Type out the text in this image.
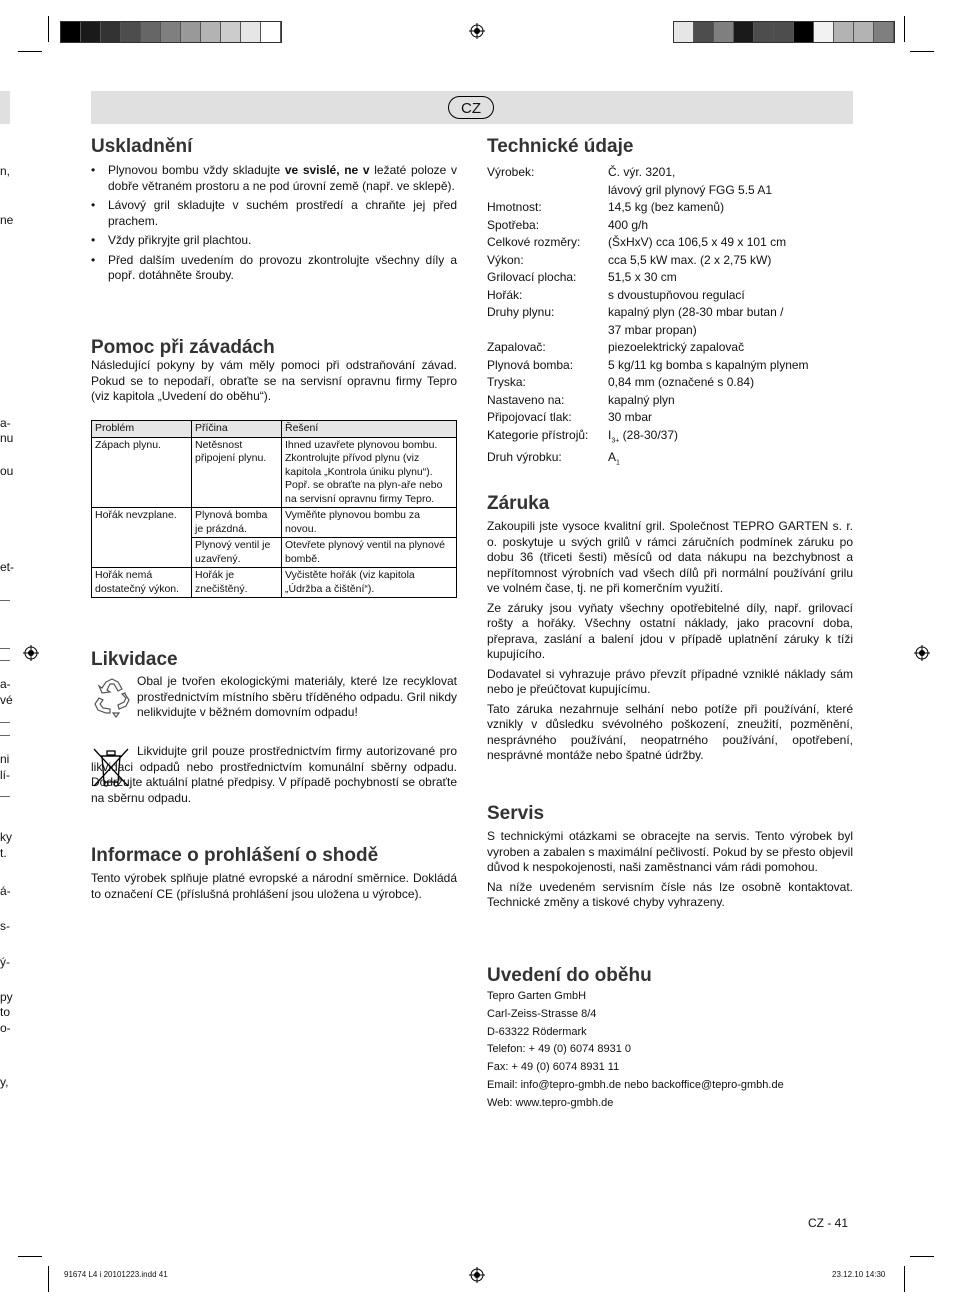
n,
ne
a-
nu
ou
et-
a-
vé
ni
lí-
ky
t.
á-
s-
ý-
py
to
o-
y,
CZ
Uskladnění
• Plynovou bombu vždy skladujte ve svislé, ne v ležaté poloze v dobře větraném prostoru a ne pod úrovní země (např. ve sklepě).
• Lávový gril skladujte v suchém prostředí a chraňte jej před prachem.
• Vždy přikryjte gril plachtou.
• Před dalším uvedením do provozu zkontrolujte všechny díly a popř. dotáhněte šrouby.
Pomoc při závadách
Následující pokyny by vám měly pomoci při odstraňování závad. Pokud se to nepodaří, obraťte se na servisní opravnu firmy Tepro (viz kapitola „Uvedení do oběhu“).
Problém	Příčina	Řešení
Zápach plynu.	Netěsnost připojení plynu.	Ihned uzavřete plynovou bombu. Zkontrolujte přívod plynu (viz kapitola „Kontrola úniku plynu“). Popř. se obraťte na plyn-aře nebo na servisní opravnu firmy Tepro.
Hořák nevzplane.	Plynová bomba je prázdná.	Vyměňte plynovou bombu za novou.
	Plynový ventil je uzavřený.	Otevřete plynový ventil na plynové bombě.
Hořák nemá dostatečný výkon.	Hořák je znečištěný.	Vyčistěte hořák (viz kapitola „Údržba a čištění“).
Likvidace
Obal je tvořen ekologickými materiály, které lze recyklovat prostřednictvím místního sběru tříděného odpadu. Gril nikdy nelikvidujte v běžném domovním odpadu!
Likvidujte gril pouze prostřednictvím firmy autorizované pro likvidaci odpadů nebo prostřednictvím komunální sběrny odpadu. Dodržujte aktuální platné předpisy. V případě pochybností se obraťte na sběrnu odpadu.
Informace o prohlášení o shodě
Tento výrobek splňuje platné evropské a národní směrnice. Dokládá to označení CE (příslušná prohlášení jsou uložena u výrobce).
Technické údaje
Výrobek:	Č. výr. 3201,
lávový gril plynový FGG 5.5 A1
Hmotnost:	14,5 kg (bez kamenů)
Spotřeba:	400 g/h
Celkové rozměry:	(ŠxHxV) cca 106,5 x 49 x 101 cm
Výkon:	cca 5,5 kW max. (2 x 2,75 kW)
Grilovací plocha:	51,5 x 30 cm
Hořák:	s dvoustupňovou regulací
Druhy plynu:	kapalný plyn (28-30 mbar butan /
37 mbar propan)
Zapalovač:	piezoelektrický zapalovač
Plynová bomba:	5 kg/11 kg bomba s kapalným plynem
Tryska:	0,84 mm (označené s 0.84)
Nastaveno na:	kapalný plyn
Připojovací tlak:	30 mbar
Kategorie přístrojů:	$I_{3+}$ (28-30/37)
Druh výrobku:	$A_1$
Záruka

Zakoupili jste vysoce kvalitní gril. Společnost TEPRO GARTEN s. r. o. poskytuje u svých grilů v rámci záručních podmínek záruku po dobu 36 (třiceti šesti) měsíců od data nákupu na bezchybnost a nepřítomnost výrobních vad všech dílů při normální používání grilu ve volném čase, tj. ne při komerčním využití.

Ze záruky jsou vyňaty všechny opotřebitelné díly, např. grilovací rošty a hořáky. Všechny ostatní náklady, jako pracovní doba, přeprava, zaslání a balení jdou v případě uplatnění záruky k tíži kupujícího.

Dodavatel si vyhrazuje právo převzít případné vzniklé náklady sám nebo je přeúčtovat kupujícímu.

Tato záruka nezahrnuje selhání nebo potíže při používání, které vznikly v důsledku svévolného poškození, zneužití, pozměnění, nesprávného používání, neopatrného používání, opotřebení, nesprávné montáže nebo špatné údržby.

Servis

S technickými otázkami se obracejte na servis. Tento výrobek byl vyroben a zabalen s maximální pečlivostí. Pokud by se přesto objevil důvod k nespokojenosti, naši zaměstnanci vám rádi pomohou.

Na níže uvedeném servisním čísle nás lze osobně kontaktovat. Technické změny a tiskové chyby vyhrazeny.

Uvedení do oběhu
Tepro Garten GmbH
Carl-Zeiss-Strasse 8/4
D-63322 Rödermark
Telefon: + 49 (0) 6074 8931 0
Fax: + 49 (0) 6074 8931 11
Email: info@tepro-gmbh.de nebo backoffice@tepro-gmbh.de
Web: www.tepro-gmbh.de
CZ - 41
91674 L4 i 20101223.indd 41	23.12.10 14:30
